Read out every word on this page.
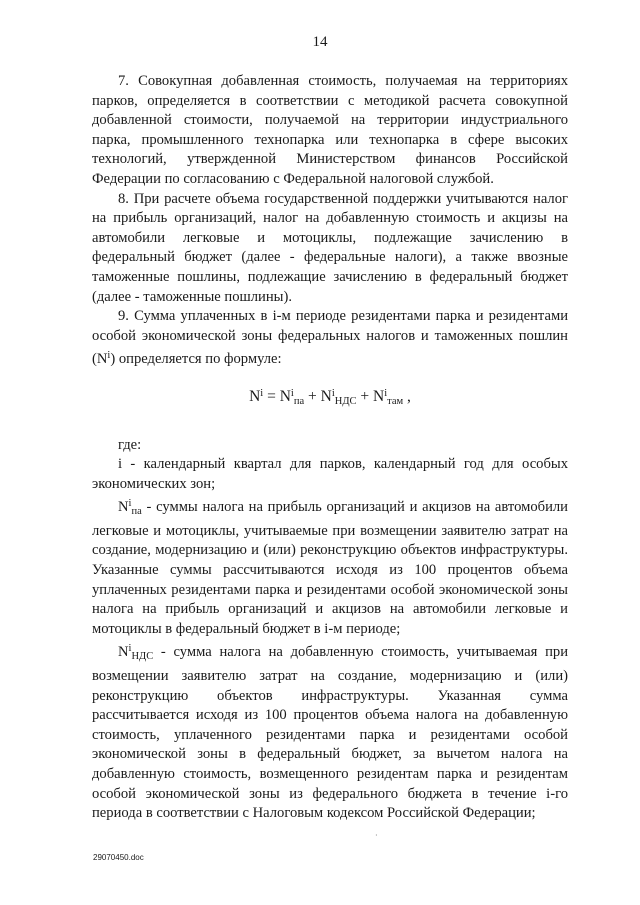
14

7. Совокупная добавленная стоимость, получаемая на территориях парков, определяется в соответствии с методикой расчета совокупной добавленной стоимости, получаемой на территории индустриального парка, промышленного технопарка или технопарка в сфере высоких технологий, утвержденной Министерством финансов Российской Федерации по согласованию с Федеральной налоговой службой.

8. При расчете объема государственной поддержки учитываются налог на прибыль организаций, налог на добавленную стоимость и акцизы на автомобили легковые и мотоциклы, подлежащие зачислению в федеральный бюджет (далее - федеральные налоги), а также ввозные таможенные пошлины, подлежащие зачислению в федеральный бюджет (далее - таможенные пошлины).

9. Сумма уплаченных в i-м периоде резидентами парка и резидентами особой экономической зоны федеральных налогов и таможенных пошлин $(N^i)$ определяется по формуле:

$N^i = N^i_{па} + N^i_{НДС} + N^i_{там}$ ,

где:

i - календарный квартал для парков, календарный год для особых экономических зон;

$N^i_{па}$ - суммы налога на прибыль организаций и акцизов на автомобили легковые и мотоциклы, учитываемые при возмещении заявителю затрат на создание, модернизацию и (или) реконструкцию объектов инфраструктуры. Указанные суммы рассчитываются исходя из 100 процентов объема уплаченных резидентами парка и резидентами особой экономической зоны налога на прибыль организаций и акцизов на автомобили легковые и мотоциклы в федеральный бюджет в i-м периоде;

$N^i_{НДС}$ - сумма налога на добавленную стоимость, учитываемая при возмещении заявителю затрат на создание, модернизацию и (или) реконструкцию объектов инфраструктуры. Указанная сумма рассчитывается исходя из 100 процентов объема налога на добавленную стоимость, уплаченного резидентами парка и резидентами особой экономической зоны в федеральный бюджет, за вычетом налога на добавленную стоимость, возмещенного резидентам парка и резидентам особой экономической зоны из федерального бюджета в течение i-го периода в соответствии с Налоговым кодексом Российской Федерации;

·
29070450.doc
